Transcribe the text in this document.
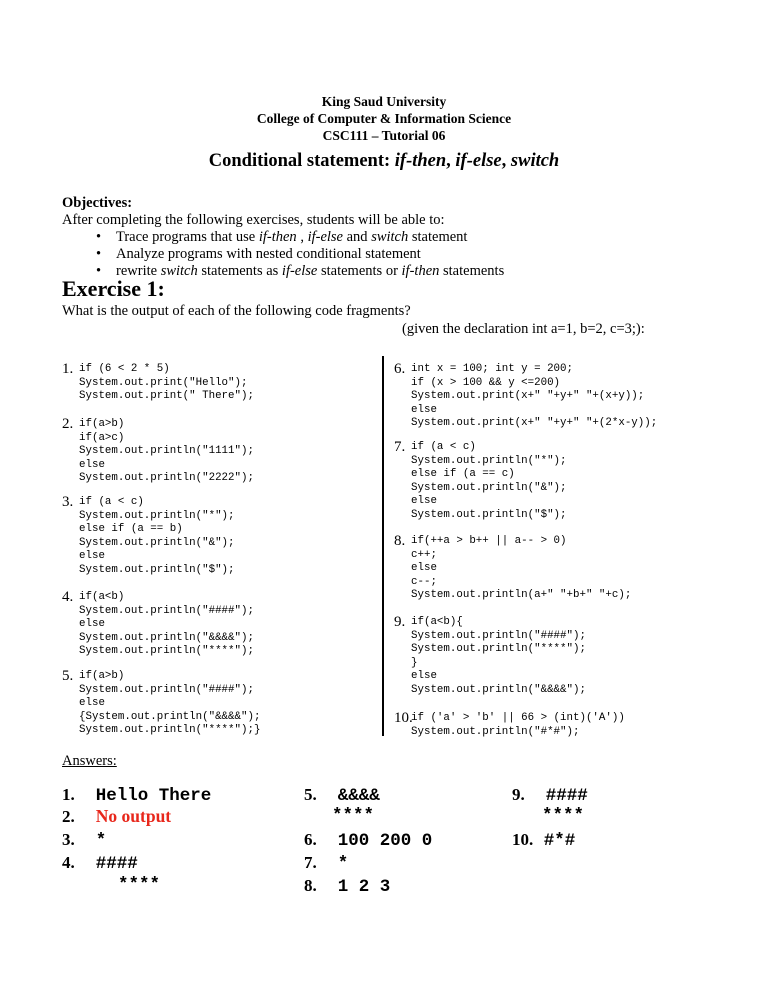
King Saud University
College of Computer & Information Science
CSC111 – Tutorial 06
Conditional statement: if-then, if-else, switch
Objectives:
After completing the following exercises, students will be able to:
• Trace programs that use if-then , if-else and switch statement
• Analyze programs with nested conditional statement
• rewrite switch statements as if-else statements or if-then statements
Exercise 1:
What is the output of each of the following code fragments?
(given the declaration int a=1, b=2, c=3;):
1. if (6 < 2 * 5)
System.out.print("Hello");
System.out.print(" There");
2. if(a>b)
if(a>c)
System.out.println("1111");
else
System.out.println("2222");
3. if (a < c)
System.out.println("*");
else if (a == b)
System.out.println("&");
else
System.out.println("$");
4. if(a<b)
System.out.println("####");
else
System.out.println("&&&&");
System.out.println("****");
5. if(a>b)
System.out.println("####");
else
{System.out.println("&&&&");
System.out.println("****");}
6. int x = 100; int y = 200;
if (x > 100 && y <=200)
System.out.print(x+" "+y+" "+(x+y));
else
System.out.print(x+" "+y+" "+(2*x-y));
7. if (a < c)
System.out.println("*");
else if (a == c)
System.out.println("&");
else
System.out.println("$");
8. if(++a > b++ || a-- > 0)
c++;
else
c--;
System.out.println(a+" "+b+" "+c);
9. if(a<b){
System.out.println("####");
System.out.println("****");
}
else
System.out.println("&&&&");
10.
if ('a' > 'b' || 66 > (int)('A'))
System.out.println("#*#");
Answers:
1. Hello There
2. No output
3. *
4. ####
****
5. &&&&
****
6. 100 200 0
7. *
8. 1 2 3
9. ####
****
10. #*#
